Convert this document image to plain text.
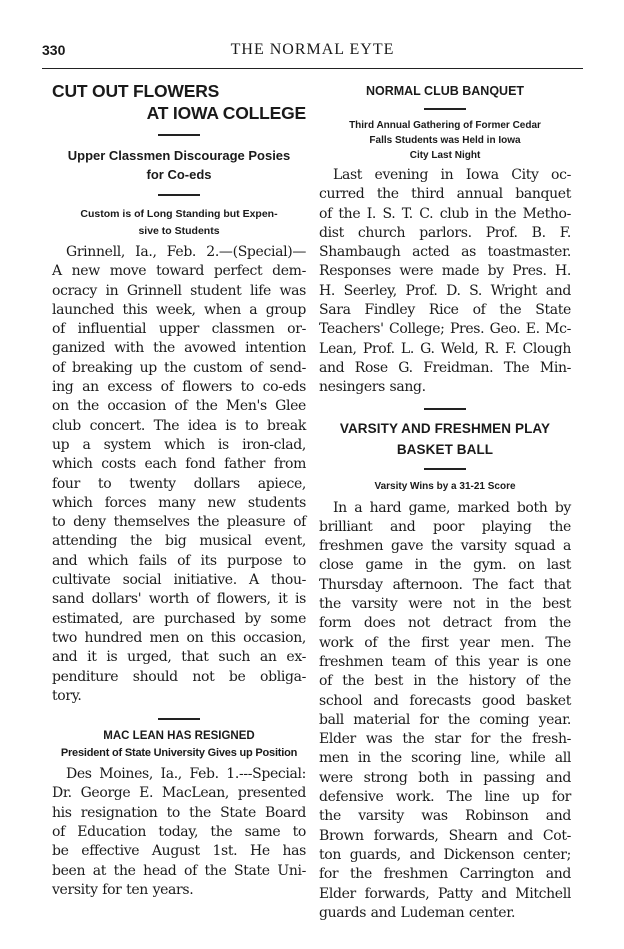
330	THE NORMAL EYTE
CUT OUT FLOWERS
AT IOWA COLLEGE

Upper Classmen Discourage Posies
for Co-eds

Custom is of Long Standing but Expen-
sive to Students

Grinnell, Ia., Feb. 2.—(Special)—
A new move toward perfect dem-
ocracy in Grinnell student life was
launched this week, when a group
of influential upper classmen or-
ganized with the avowed intention
of breaking up the custom of send-
ing an excess of flowers to co-eds
on the occasion of the Men's Glee
club concert. The idea is to break
up a system which is iron-clad,
which costs each fond father from
four to twenty dollars apiece,
which forces many new students
to deny themselves the pleasure of
attending the big musical event,
and which fails of its purpose to
cultivate social initiative. A thou-
sand dollars' worth of flowers, it is
estimated, are purchased by some
two hundred men on this occasion,
and it is urged, that such an ex-
penditure should not be obliga-
tory.

MAC LEAN HAS RESIGNED

President of State University Gives up Position

Des Moines, Ia., Feb. 1.---Special:
Dr. George E. MacLean, presented
his resignation to the State Board
of Education today, the same to
be effective August 1st. He has
been at the head of the State Uni-
versity for ten years.

NORMAL CLUB BANQUET

Third Annual Gathering of Former Cedar
Falls Students was Held in Iowa
City Last Night

Last evening in Iowa City oc-
curred the third annual banquet
of the I. S. T. C. club in the Metho-
dist church parlors. Prof. B. F.
Shambaugh acted as toastmaster.
Responses were made by Pres. H.
H. Seerley, Prof. D. S. Wright and
Sara Findley Rice of the State
Teachers' College; Pres. Geo. E. Mc-
Lean, Prof. L. G. Weld, R. F. Clough
and Rose G. Freidman. The Min-
nesingers sang.

VARSITY AND FRESHMEN PLAY
BASKET BALL

Varsity Wins by a 31-21 Score

In a hard game, marked both by
brilliant and poor playing the
freshmen gave the varsity squad a
close game in the gym. on last
Thursday afternoon. The fact that
the varsity were not in the best
form does not detract from the
work of the first year men. The
freshmen team of this year is one
of the best in the history of the
school and forecasts good basket
ball material for the coming year.
Elder was the star for the fresh-
men in the scoring line, while all
were strong both in passing and
defensive work. The line up for
the varsity was Robinson and
Brown forwards, Shearn and Cot-
ton guards, and Dickenson center;
for the freshmen Carrington and
Elder forwards, Patty and Mitchell
guards and Ludeman center.
